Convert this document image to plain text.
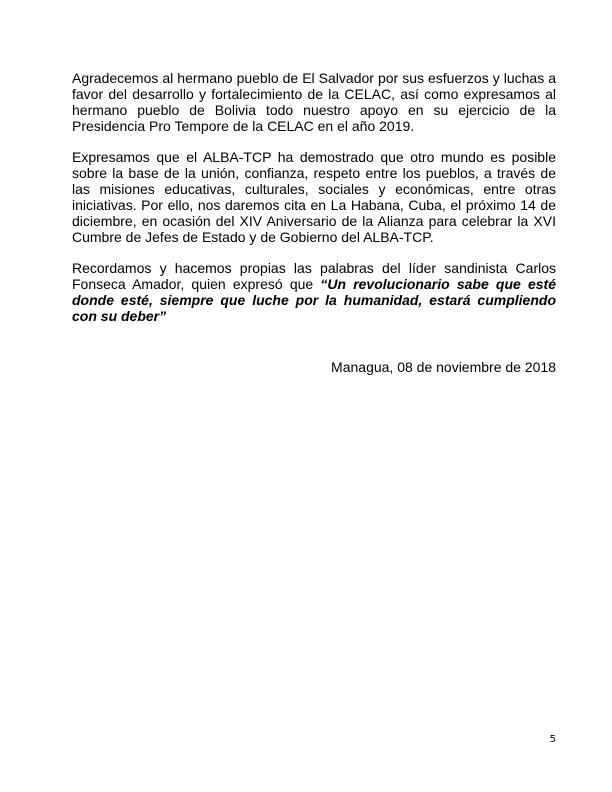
Agradecemos al hermano pueblo de El Salvador por sus esfuerzos y luchas a favor del desarrollo y fortalecimiento de la CELAC, así como expresamos al hermano pueblo de Bolivia todo nuestro apoyo en su ejercicio de la Presidencia Pro Tempore de la CELAC en el año 2019.

Expresamos que el ALBA-TCP ha demostrado que otro mundo es posible sobre la base de la unión, confianza, respeto entre los pueblos, a través de las misiones educativas, culturales, sociales y económicas, entre otras iniciativas. Por ello, nos daremos cita en La Habana, Cuba, el próximo 14 de diciembre, en ocasión del XIV Aniversario de la Alianza para celebrar la XVI Cumbre de Jefes de Estado y de Gobierno del ALBA-TCP.

Recordamos y hacemos propias las palabras del líder sandinista Carlos Fonseca Amador, quien expresó que “Un revolucionario sabe que esté donde esté, siempre que luche por la humanidad, estará cumpliendo con su deber”

Managua, 08 de noviembre de 2018
5
